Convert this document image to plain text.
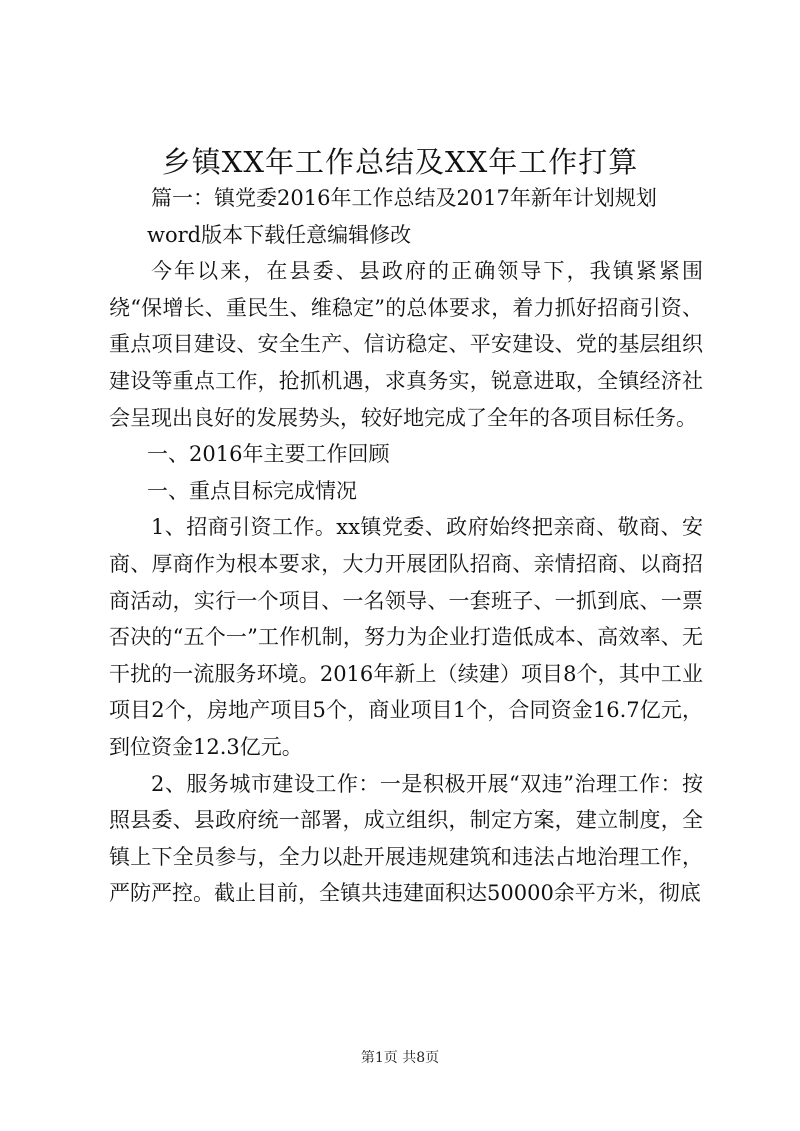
乡镇XX年工作总结及XX年工作打算

篇一：镇党委2016年工作总结及2017年新年计划规划

word版本下载任意编辑修改

今年以来，在县委、县政府的正确领导下，我镇紧紧围绕“保增长、重民生、维稳定”的总体要求，着力抓好招商引资、重点项目建设、安全生产、信访稳定、平安建设、党的基层组织建设等重点工作，抢抓机遇，求真务实，锐意进取，全镇经济社会呈现出良好的发展势头，较好地完成了全年的各项目标任务。

一、2016年主要工作回顾

一、重点目标完成情况

1、招商引资工作。xx镇党委、政府始终把亲商、敬商、安商、厚商作为根本要求，大力开展团队招商、亲情招商、以商招商活动，实行一个项目、一名领导、一套班子、一抓到底、一票否决的“五个一”工作机制，努力为企业打造低成本、高效率、无干扰的一流服务环境。2016年新上（续建）项目8个，其中工业项目2个，房地产项目5个，商业项目1个，合同资金16.7亿元，到位资金12.3亿元。

2、服务城市建设工作：一是积极开展“双违”治理工作：按照县委、县政府统一部署，成立组织，制定方案，建立制度，全镇上下全员参与，全力以赴开展违规建筑和违法占地治理工作，严防严控。截止目前，全镇共违建面积达50000余平方米，彻底

第1页 共8页
